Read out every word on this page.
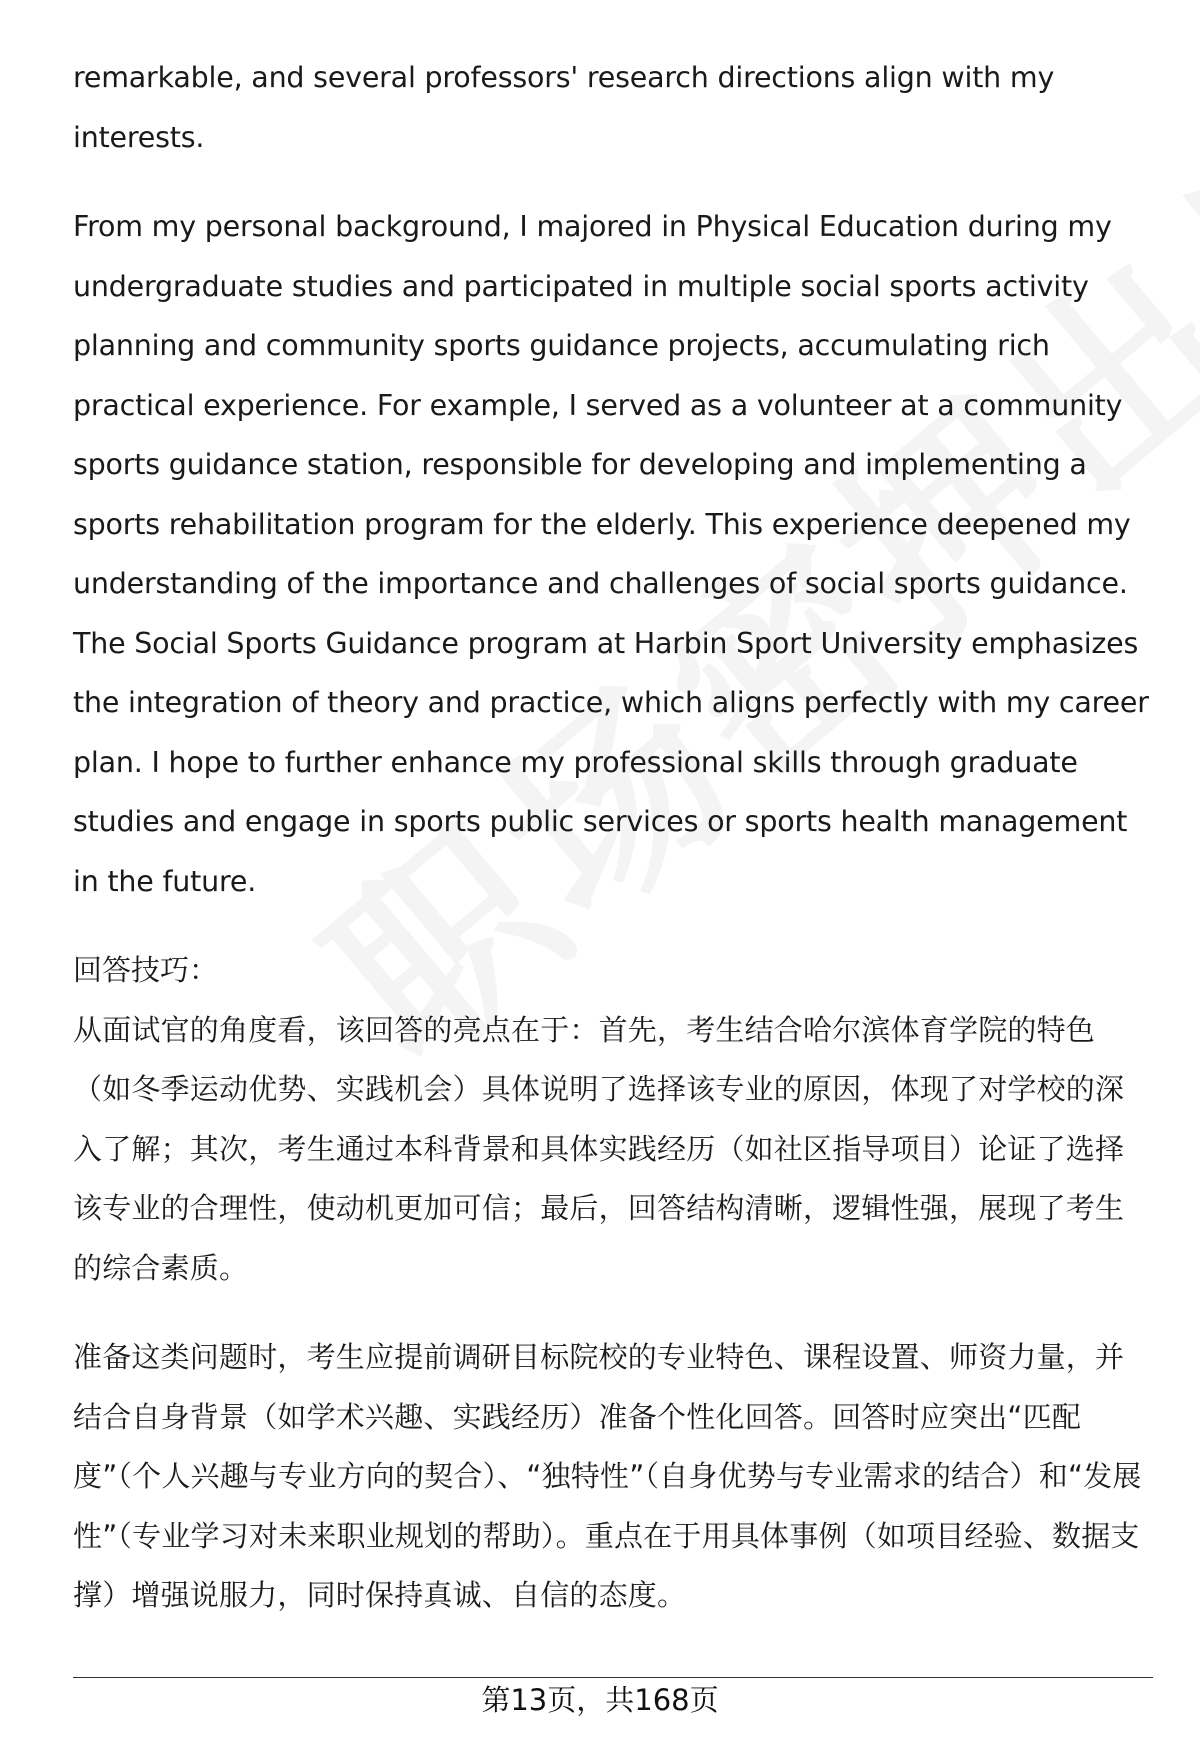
remarkable, and several professors' research directions align with my interests.

From my personal background, I majored in Physical Education during my undergraduate studies and participated in multiple social sports activity planning and community sports guidance projects, accumulating rich practical experience. For example, I served as a volunteer at a community sports guidance station, responsible for developing and implementing a sports rehabilitation program for the elderly. This experience deepened my understanding of the importance and challenges of social sports guidance. The Social Sports Guidance program at Harbin Sport University emphasizes the integration of theory and practice, which aligns perfectly with my career plan. I hope to further enhance my professional skills through graduate studies and engage in sports public services or sports health management in the future.

回答技巧：

从面试官的角度看，该回答的亮点在于：首先，考生结合哈尔滨体育学院的特色（如冬季运动优势、实践机会）具体说明了选择该专业的原因，体现了对学校的深入了解；其次，考生通过本科背景和具体实践经历（如社区指导项目）论证了选择该专业的合理性，使动机更加可信；最后，回答结构清晰，逻辑性强，展现了考生的综合素质。

准备这类问题时，考生应提前调研目标院校的专业特色、课程设置、师资力量，并结合自身背景（如学术兴趣、实践经历）准备个性化回答。回答时应突出“匹配度”（个人兴趣与专业方向的契合）、“独特性”（自身优势与专业需求的结合）和“发展性”（专业学习对未来职业规划的帮助）。重点在于用具体事例（如项目经验、数据支撑）增强说服力，同时保持真诚、自信的态度。

第13页，共168页
